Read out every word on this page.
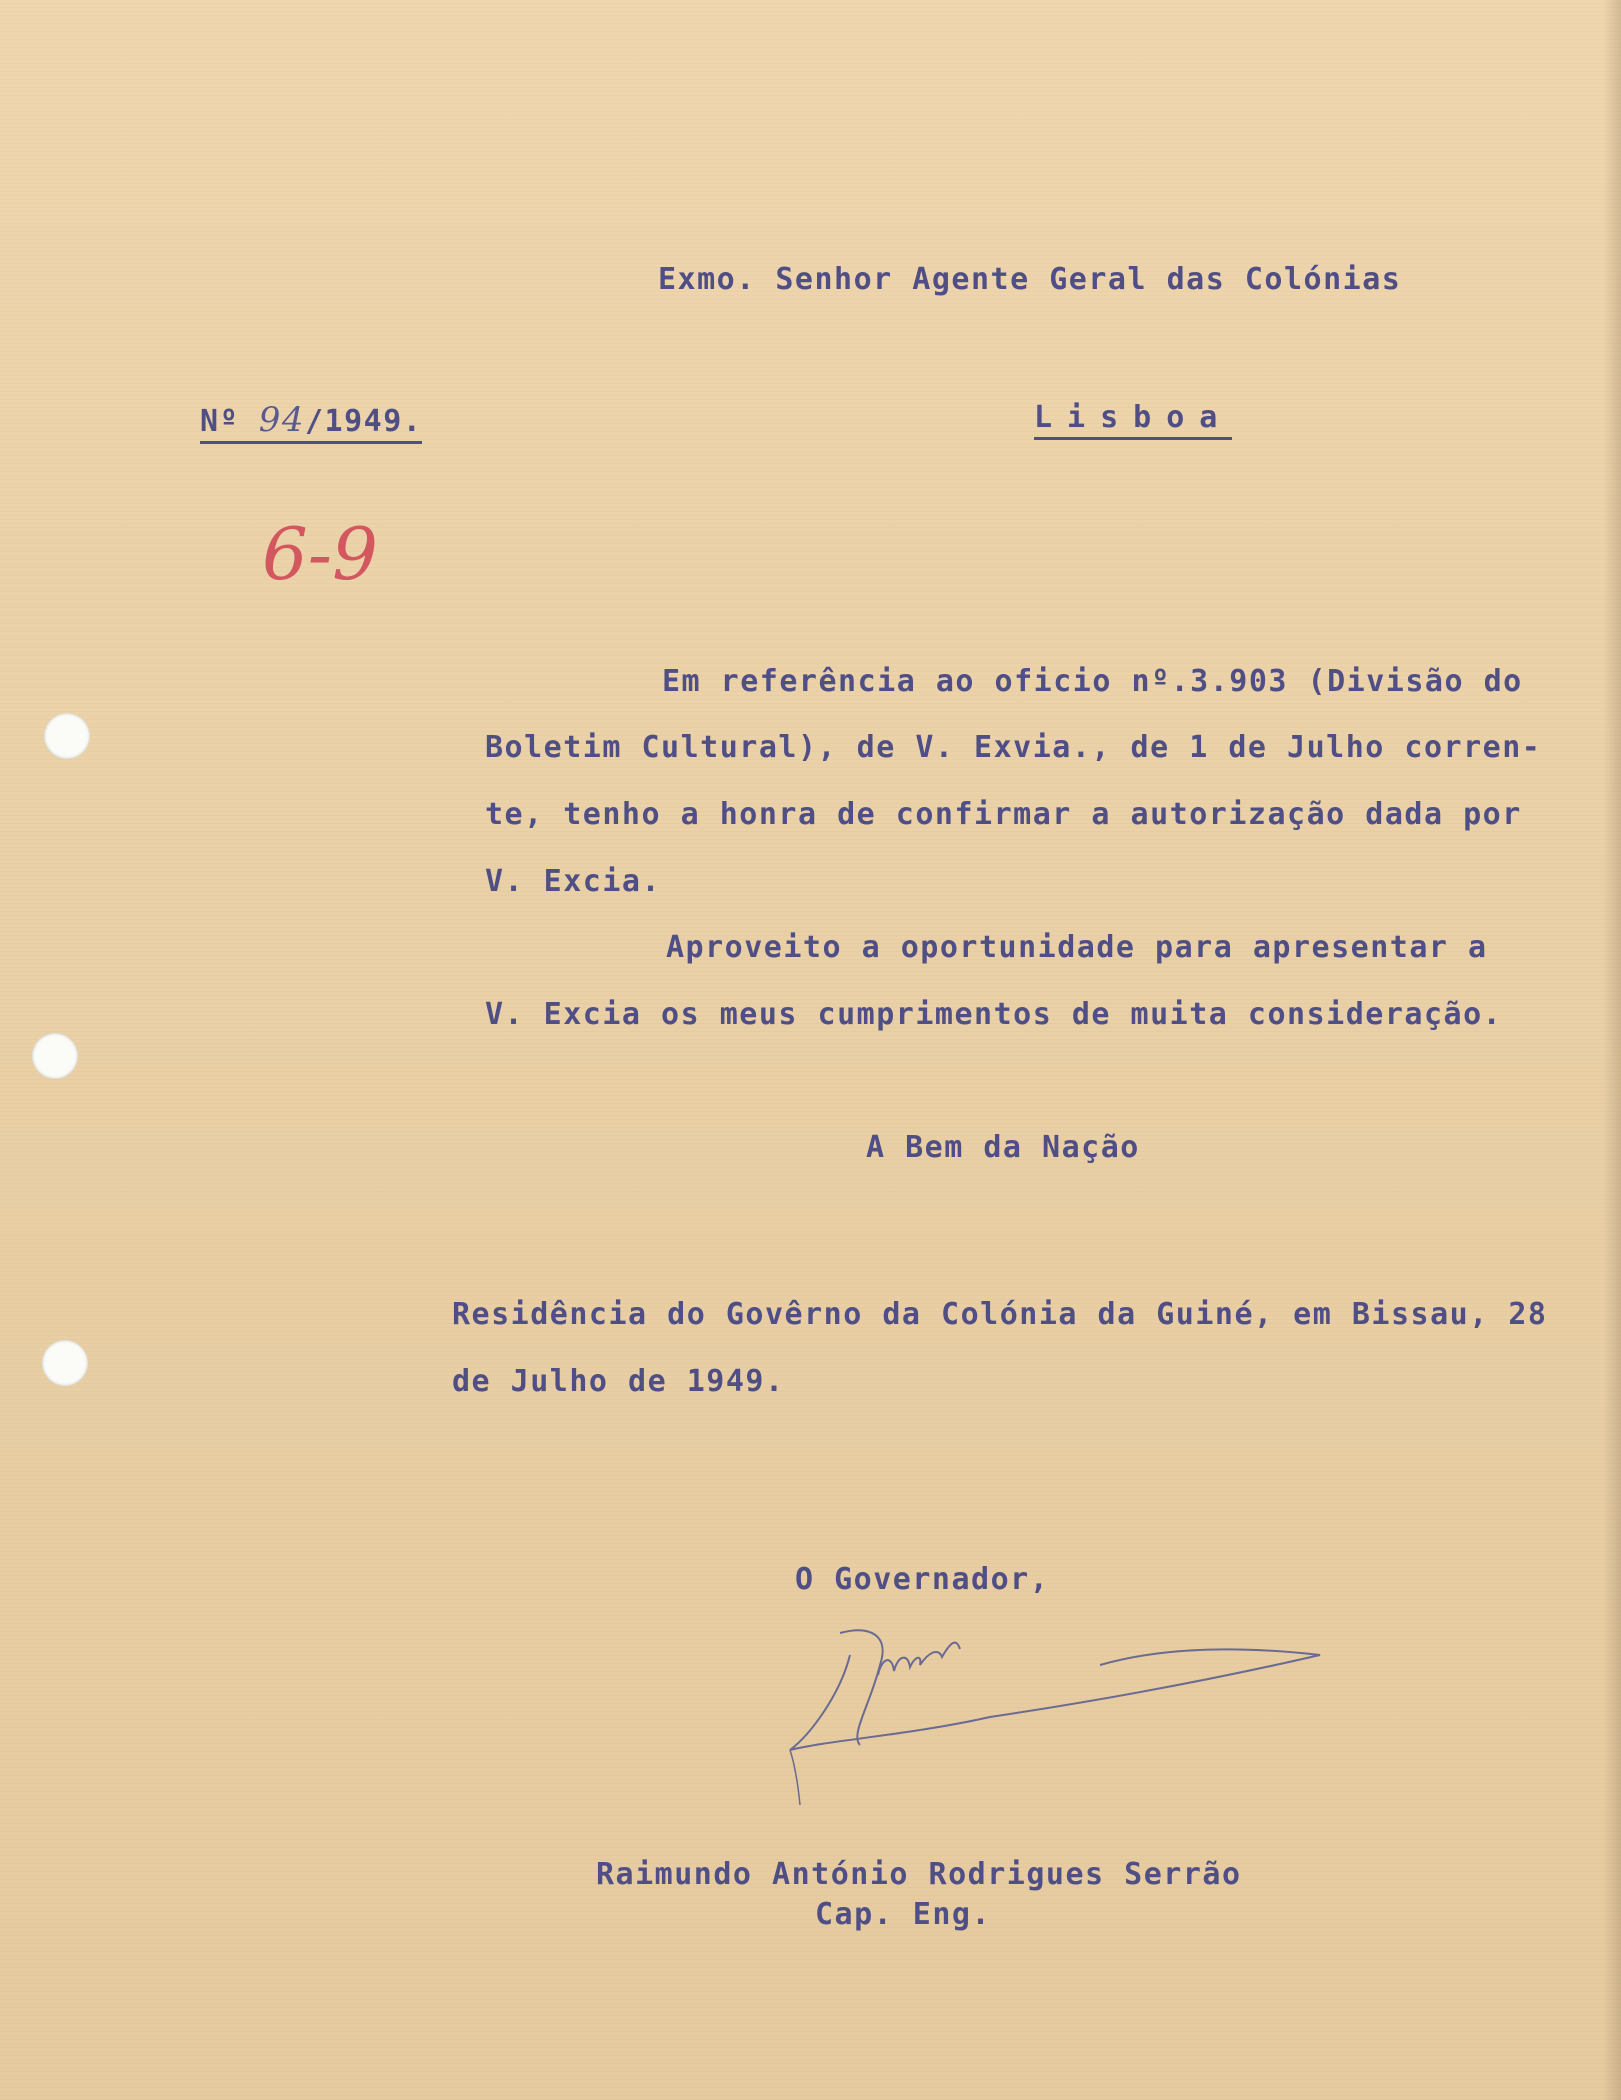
Exmo. Senhor Agente Geral das Colónias
Nº 94/1949.	Lisboa
6-9
Em referência ao oficio nº.3.903 (Divisão do
Boletim Cultural), de V. Exvia., de 1 de Julho corren-
te, tenho a honra de confirmar a autorização dada por
V. Excia.
Aproveito a oportunidade para apresentar a
V. Excia os meus cumprimentos de muita consideração.
A Bem da Nação
Residência do Govêrno da Colónia da Guiné, em Bissau, 28
de Julho de 1949.
O Governador,
Raimundo António Rodrigues Serrão
Cap. Eng.
